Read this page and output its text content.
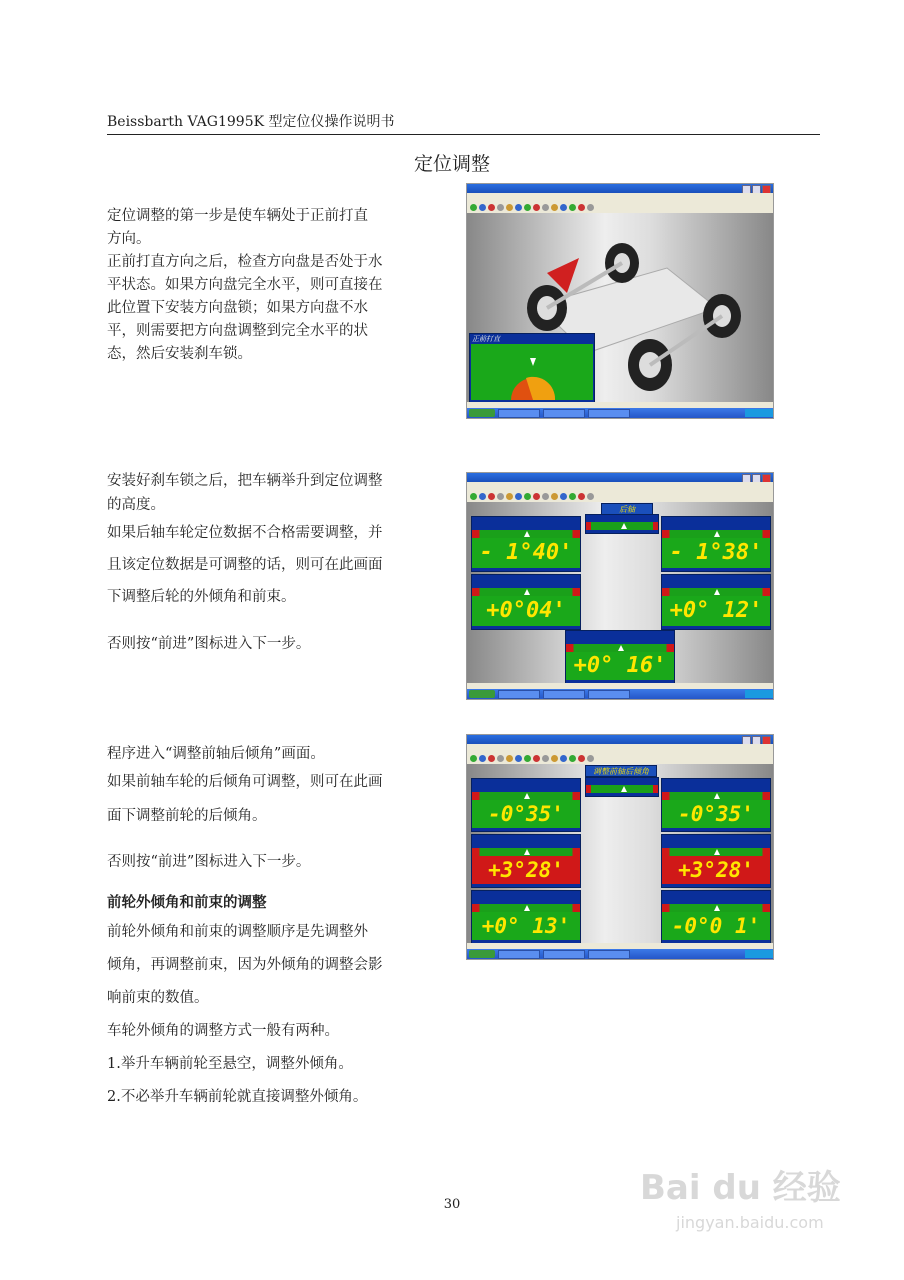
Beissbarth VAG1995K 型定位仪操作说明书
定位调整
定位调整的第一步是使车辆处于正前打直
方向。
正前打直方向之后，检查方向盘是否处于水
平状态。如果方向盘完全水平，则可直接在
此位置下安装方向盘锁；如果方向盘不水
平，则需要把方向盘调整到完全水平的状
态，然后安装刹车锁。
安装好刹车锁之后，把车辆举升到定位调整
的高度。
如果后轴车轮定位数据不合格需要调整，并
且该定位数据是可调整的话，则可在此画面
下调整后轮的外倾角和前束。
否则按“前进”图标进入下一步。
程序进入“调整前轴后倾角”画面。
如果前轴车轮的后倾角可调整，则可在此画
面下调整前轮的后倾角。
否则按“前进”图标进入下一步。
前轮外倾角和前束的调整
前轮外倾角和前束的调整顺序是先调整外
倾角，再调整前束，因为外倾角的调整会影
响前束的数值。
车轮外倾角的调整方式一般有两种。
1.举升车辆前轮至悬空，调整外倾角。
2.不必举升车辆前轮就直接调整外倾角。
正前打直
后轴
- 1°40'	- 1°38'
+0°04'	+0° 12'
+0° 16'
调整前轴后倾角
-0°35'	-0°35'
+3°28'	+3°28'
+0° 13'	-0°0 1'
30	Bai du 经验
jingyan.baidu.com
